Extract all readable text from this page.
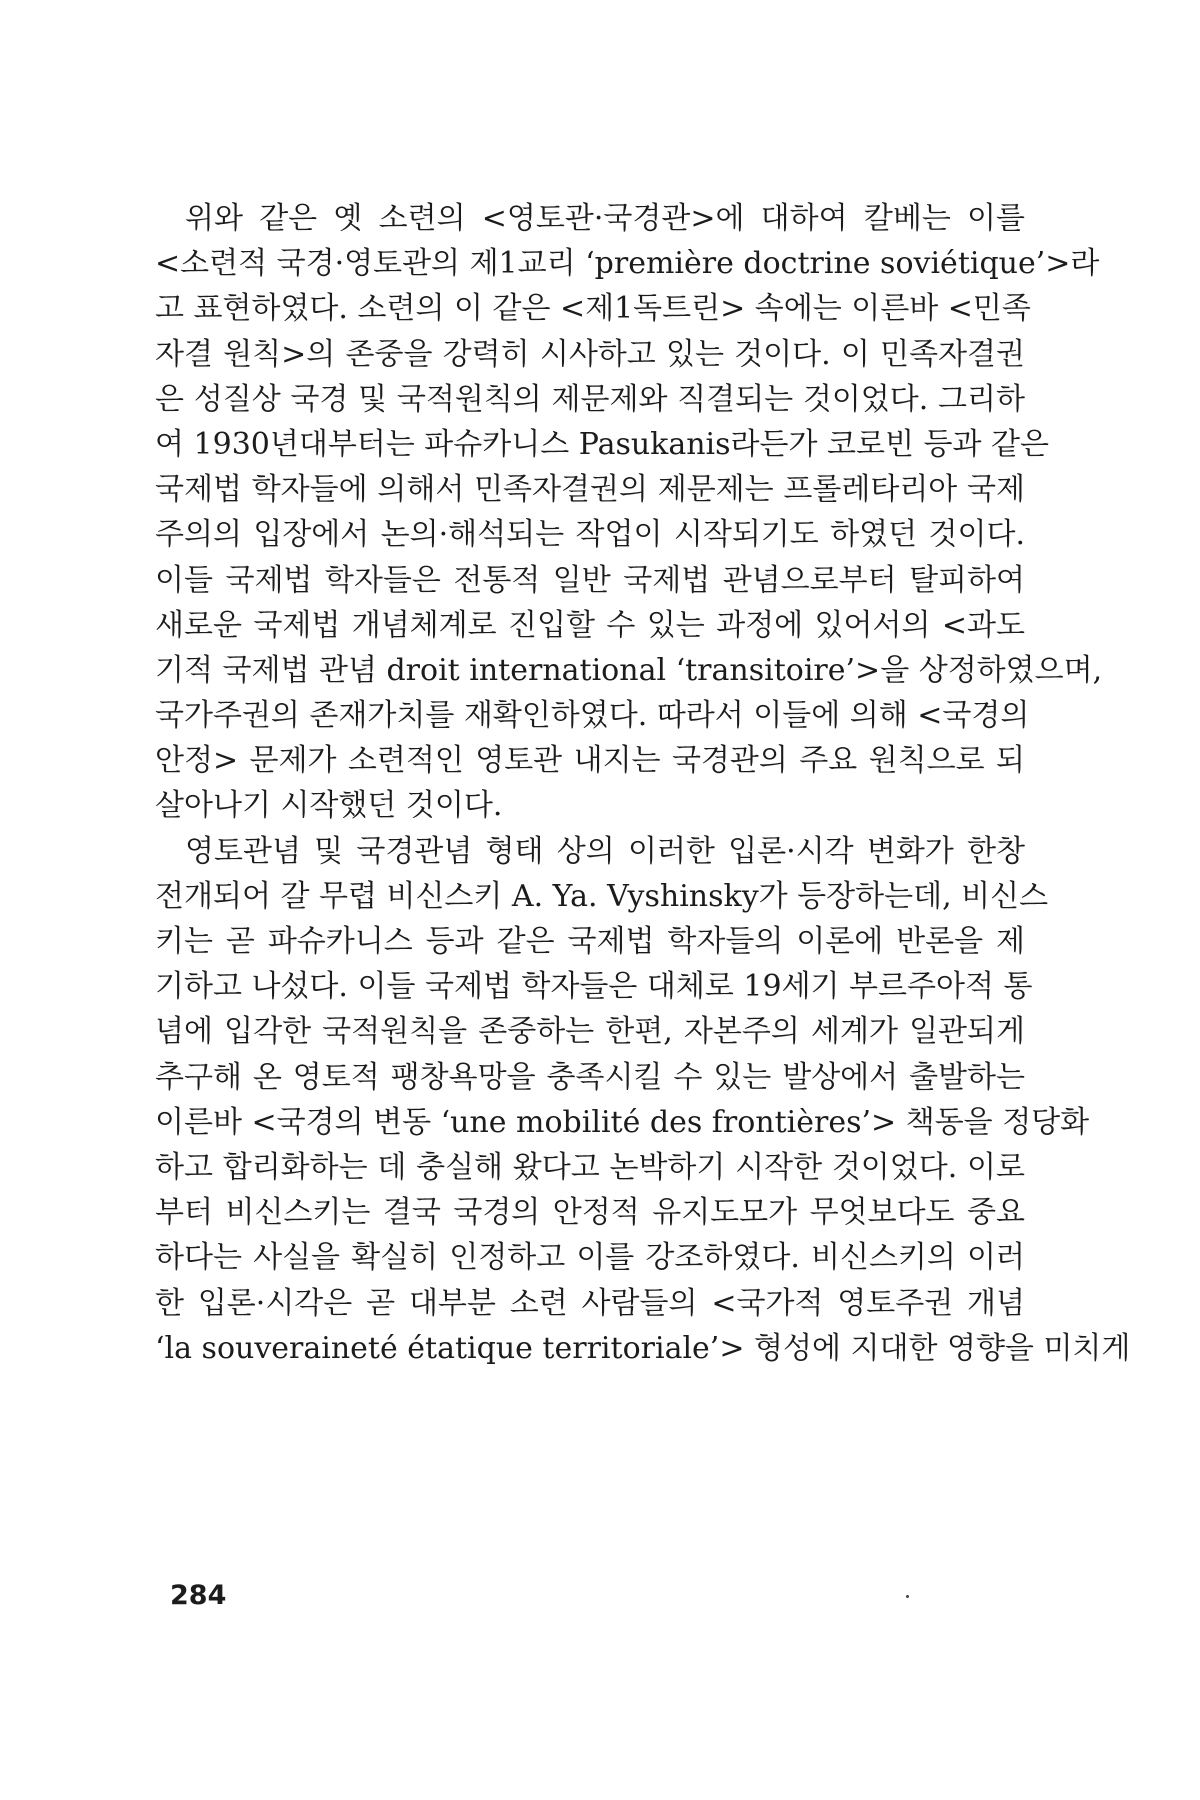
위와 같은 옛 소련의 <영토관·국경관>에 대하여 칼베는 이를
<소련적 국경·영토관의 제1교리 ‘première doctrine soviétique’>라
고 표현하였다. 소련의 이 같은 <제1독트린> 속에는 이른바 <민족
자결 원칙>의 존중을 강력히 시사하고 있는 것이다. 이 민족자결권
은 성질상 국경 및 국적원칙의 제문제와 직결되는 것이었다. 그리하
여 1930년대부터는 파슈카니스 Pasukanis라든가 코로빈 등과 같은
국제법 학자들에 의해서 민족자결권의 제문제는 프롤레타리아 국제
주의의 입장에서 논의·해석되는 작업이 시작되기도 하였던 것이다.
이들 국제법 학자들은 전통적 일반 국제법 관념으로부터 탈피하여
새로운 국제법 개념체계로 진입할 수 있는 과정에 있어서의 <과도
기적 국제법 관념 droit international ‘transitoire’>을 상정하였으며,
국가주권의 존재가치를 재확인하였다. 따라서 이들에 의해 <국경의
안정> 문제가 소련적인 영토관 내지는 국경관의 주요 원칙으로 되
살아나기 시작했던 것이다.
영토관념 및 국경관념 형태 상의 이러한 입론·시각 변화가 한창
전개되어 갈 무렵 비신스키 A. Ya. Vyshinsky가 등장하는데, 비신스
키는 곧 파슈카니스 등과 같은 국제법 학자들의 이론에 반론을 제
기하고 나섰다. 이들 국제법 학자들은 대체로 19세기 부르주아적 통
념에 입각한 국적원칙을 존중하는 한편, 자본주의 세계가 일관되게
추구해 온 영토적 팽창욕망을 충족시킬 수 있는 발상에서 출발하는
이른바 <국경의 변동 ‘une mobilité des frontières’> 책동을 정당화
하고 합리화하는 데 충실해 왔다고 논박하기 시작한 것이었다. 이로
부터 비신스키는 결국 국경의 안정적 유지도모가 무엇보다도 중요
하다는 사실을 확실히 인정하고 이를 강조하였다. 비신스키의 이러
한 입론·시각은 곧 대부분 소련 사람들의 <국가적 영토주권 개념
‘la souveraineté étatique territoriale’> 형성에 지대한 영향을 미치게
284
